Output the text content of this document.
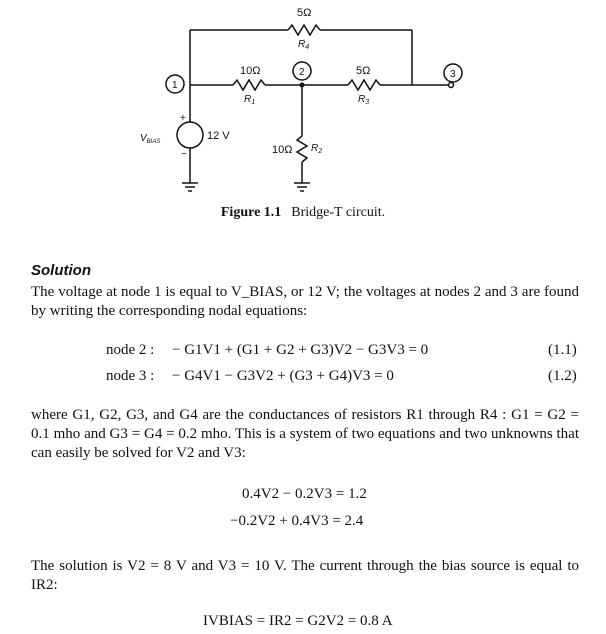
5Ω
$R_4$
10Ω
$R_1$
5Ω
$R_3$
10Ω $R_2$
12 V
$V_{BIAS}$
+
−
1
2	3
Figure 1.1 Bridge-T circuit.
Solution
The voltage at node 1 is equal to V_BIAS, or 12 V; the voltages at nodes 2 and 3 are found by writing the corresponding nodal equations:
node 2 : − G1V1 + (G1 + G2 + G3)V2 − G3V3 = 0	(1.1)
node 3 : − G4V1 − G3V2 + (G3 + G4)V3 = 0	(1.2)
where G1, G2, G3, and G4 are the conductances of resistors R1 through R4 : G1 = G2 = 0.1 mho and G3 = G4 = 0.2 mho. This is a system of two equations and two unknowns that can easily be solved for V2 and V3:
0.4V2 − 0.2V3 = 1.2
−0.2V2 + 0.4V3 = 2.4
The solution is V2 = 8 V and V3 = 10 V. The current through the bias source is equal to IR2:
IVBIAS = IR2 = G2V2 = 0.8 A
